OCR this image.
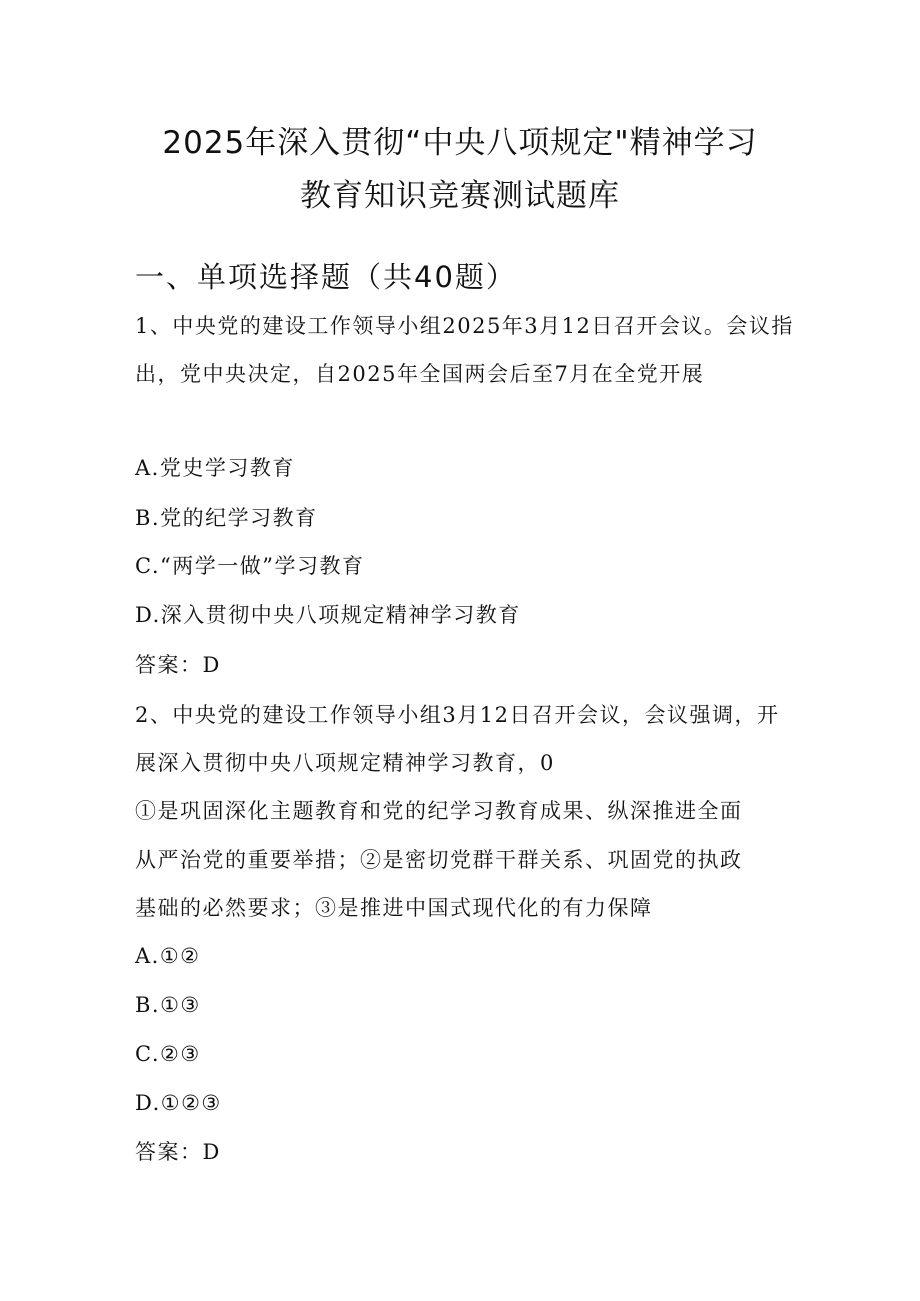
2025年深入贯彻“中央八项规定"精神学习
教育知识竞赛测试题库
一、单项选择题（共40题）
1、中央党的建设工作领导小组2025年3月12日召开会议。会议指
出，党中央决定，自2025年全国两会后至7月在全党开展
A.党史学习教育
B.党的纪学习教育
C.“两学一做”学习教育
D.深入贯彻中央八项规定精神学习教育
答案：D
2、中央党的建设工作领导小组3月12日召开会议，会议强调，开
展深入贯彻中央八项规定精神学习教育，0
①是巩固深化主题教育和党的纪学习教育成果、纵深推进全面
从严治党的重要举措；②是密切党群干群关系、巩固党的执政
基础的必然要求；③是推进中国式现代化的有力保障
A.①②
B.①③
C.②③
D.①②③
答案：D
